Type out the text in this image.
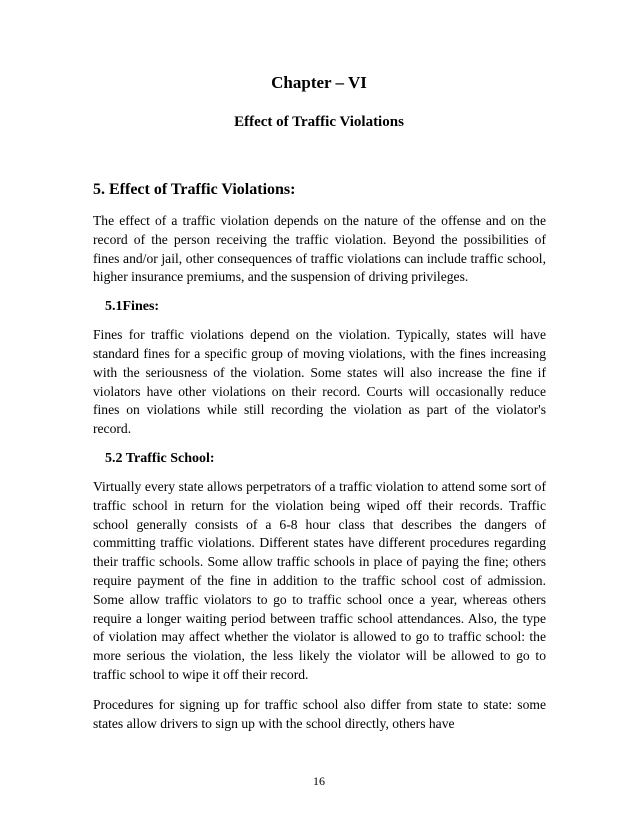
Chapter – VI
Effect of Traffic Violations
5. Effect of Traffic Violations:

The effect of a traffic violation depends on the nature of the offense and on the record of the person receiving the traffic violation. Beyond the possibilities of fines and/or jail, other consequences of traffic violations can include traffic school, higher insurance premiums, and the suspension of driving privileges.

5.1Fines:

Fines for traffic violations depend on the violation. Typically, states will have standard fines for a specific group of moving violations, with the fines increasing with the seriousness of the violation. Some states will also increase the fine if violators have other violations on their record. Courts will occasionally reduce fines on violations while still recording the violation as part of the violator's record.

5.2 Traffic School:

Virtually every state allows perpetrators of a traffic violation to attend some sort of traffic school in return for the violation being wiped off their records. Traffic school generally consists of a 6-8 hour class that describes the dangers of committing traffic violations. Different states have different procedures regarding their traffic schools. Some allow traffic schools in place of paying the fine; others require payment of the fine in addition to the traffic school cost of admission. Some allow traffic violators to go to traffic school once a year, whereas others require a longer waiting period between traffic school attendances. Also, the type of violation may affect whether the violator is allowed to go to traffic school: the more serious the violation, the less likely the violator will be allowed to go to traffic school to wipe it off their record.

Procedures for signing up for traffic school also differ from state to state: some states allow drivers to sign up with the school directly, others have

16
